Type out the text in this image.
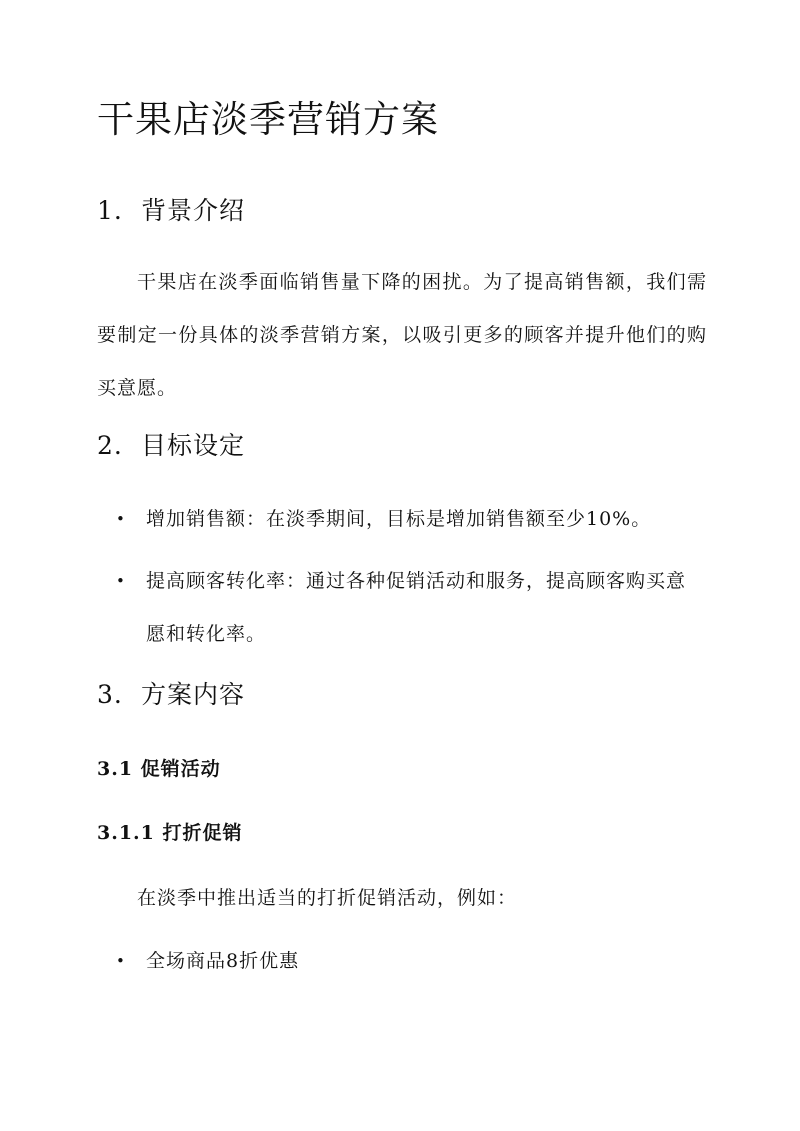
干果店淡季营销方案
1. 背景介绍

干果店在淡季面临销售量下降的困扰。为了提高销售额，我们需要制定一份具体的淡季营销方案，以吸引更多的顾客并提升他们的购买意愿。

2. 目标设定
•	增加销售额：在淡季期间，目标是增加销售额至少10%。
•	提高顾客转化率：通过各种促销活动和服务，提高顾客购买意愿和转化率。
3. 方案内容
3.1 促销活动
3.1.1 打折促销

在淡季中推出适当的打折促销活动，例如：

•	全场商品8折优惠
